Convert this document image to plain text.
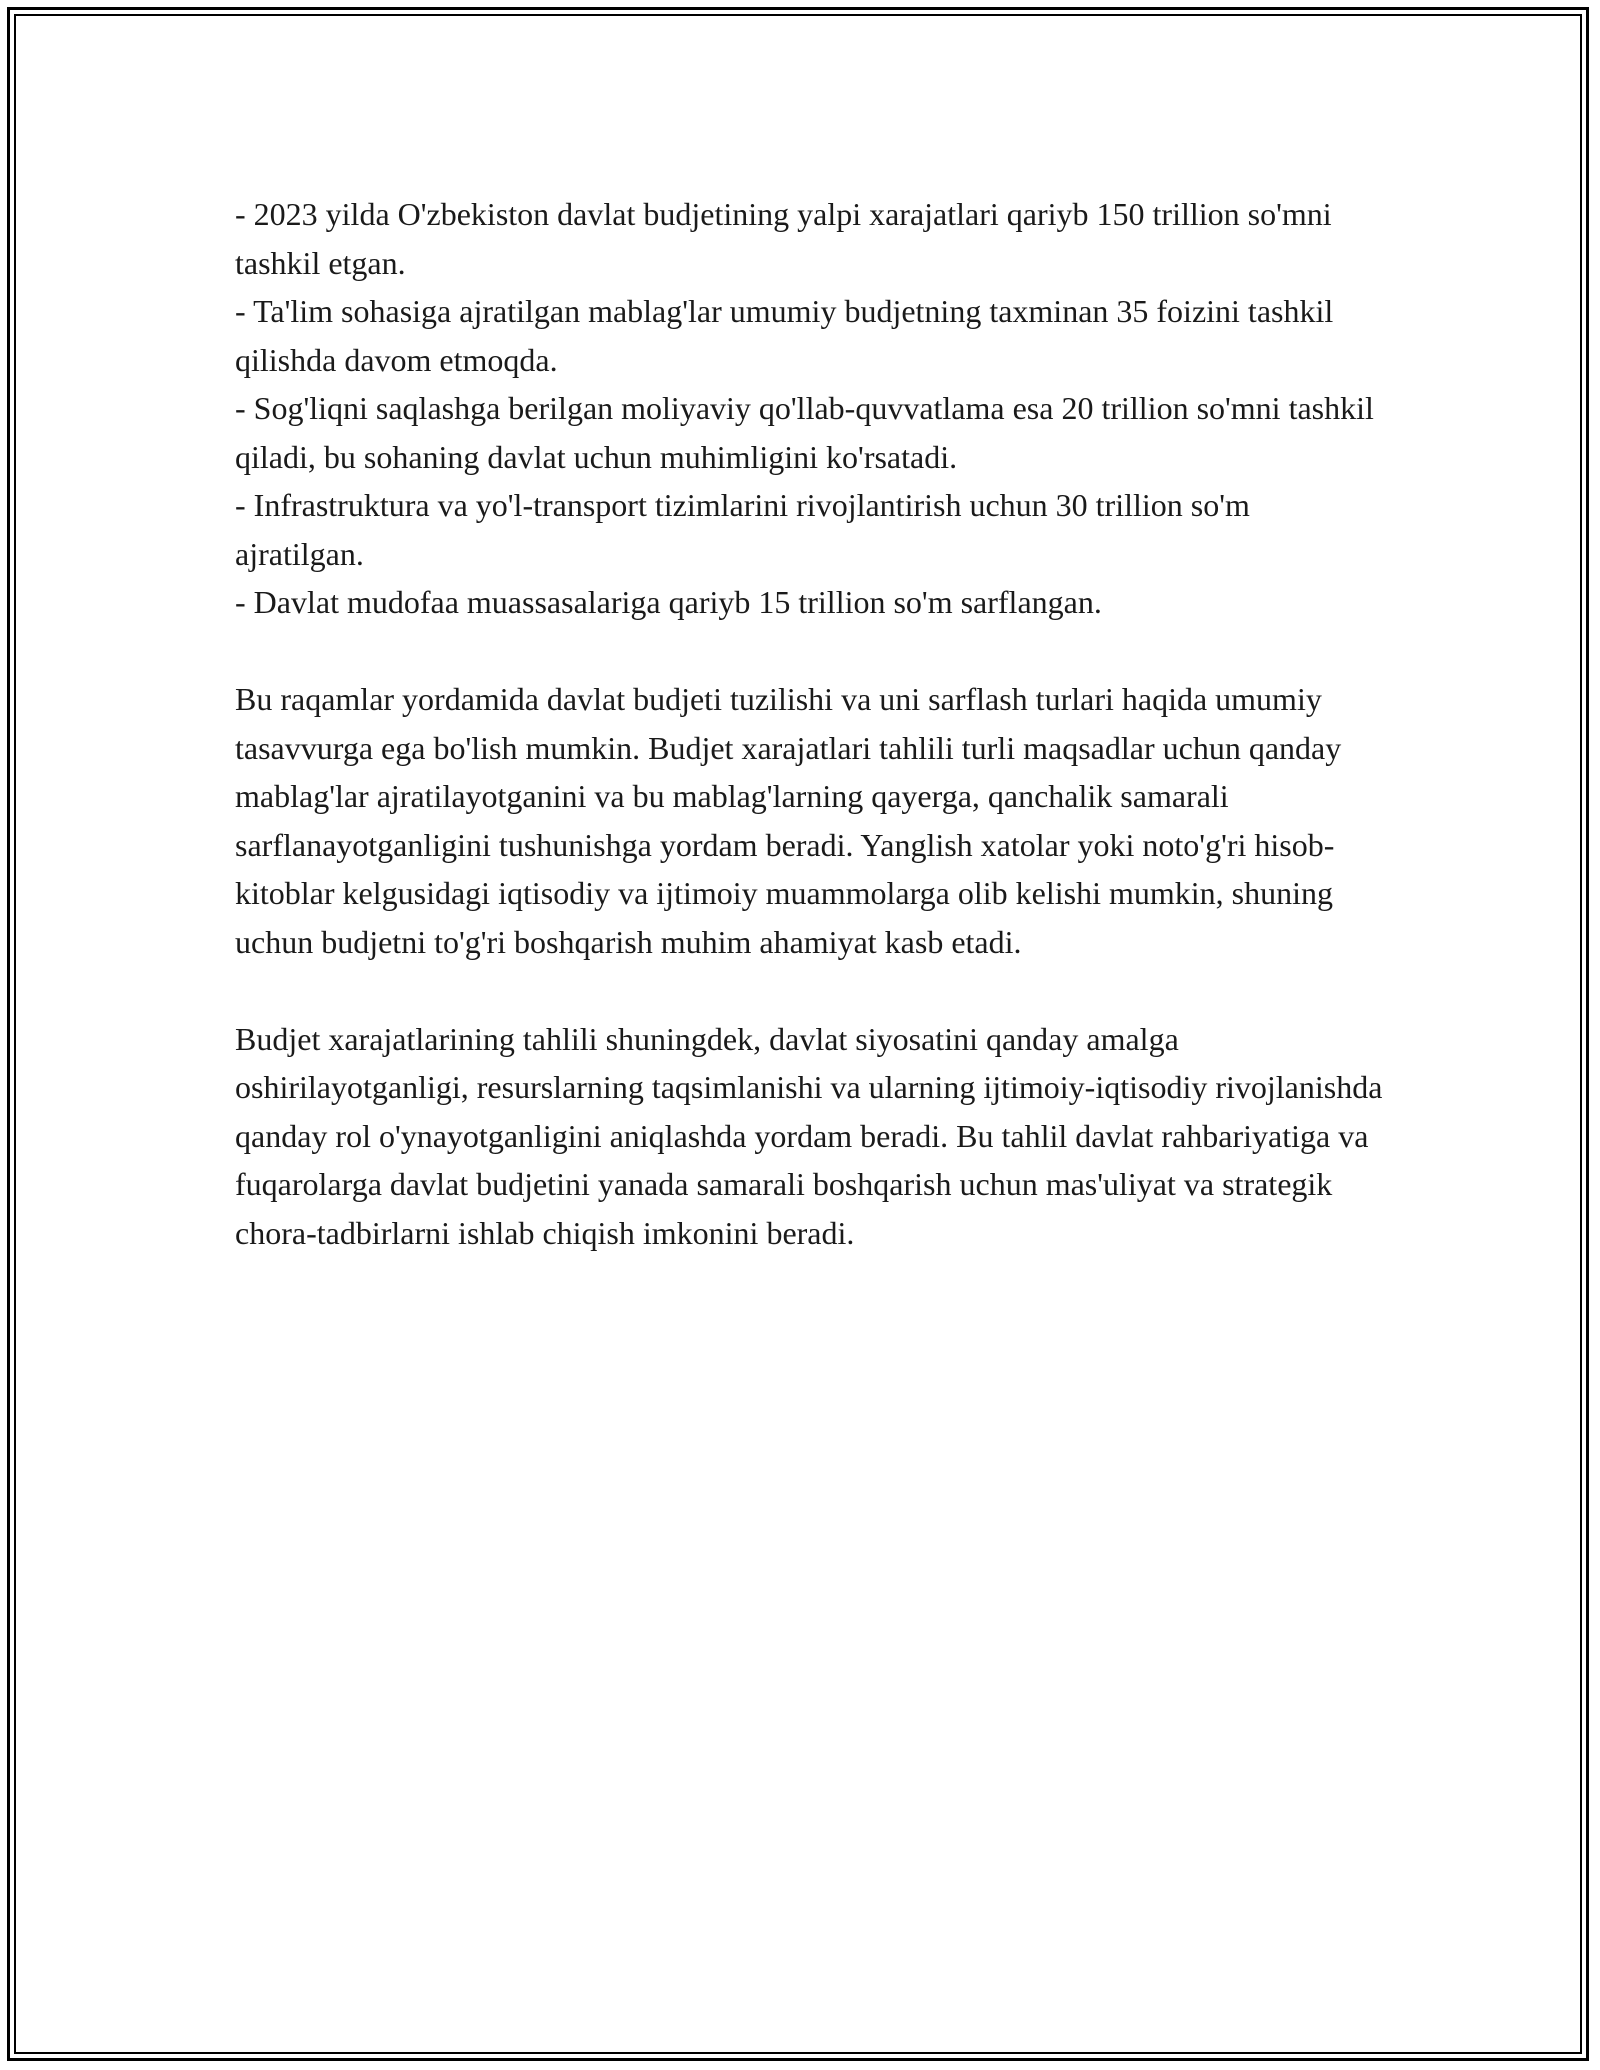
- 2023 yilda O'zbekiston davlat budjetining yalpi xarajatlari qariyb 150 trillion so'mni tashkil etgan.
- Ta'lim sohasiga ajratilgan mablag'lar umumiy budjetning taxminan 35 foizini tashkil qilishda davom etmoqda.
- Sog'liqni saqlashga berilgan moliyaviy qo'llab-quvvatlama esa 20 trillion so'mni tashkil qiladi, bu sohaning davlat uchun muhimligini ko'rsatadi.
- Infrastruktura va yo'l-transport tizimlarini rivojlantirish uchun 30 trillion so'm ajratilgan.
- Davlat mudofaa muassasalariga qariyb 15 trillion so'm sarflangan.

Bu raqamlar yordamida davlat budjeti tuzilishi va uni sarflash turlari haqida umumiy tasavvurga ega bo'lish mumkin. Budjet xarajatlari tahlili turli maqsadlar uchun qanday mablag'lar ajratilayotganini va bu mablag'larning qayerga, qanchalik samarali sarflanayotganligini tushunishga yordam beradi. Yanglish xatolar yoki noto'g'ri hisob-kitoblar kelgusidagi iqtisodiy va ijtimoiy muammolarga olib kelishi mumkin, shuning uchun budjetni to'g'ri boshqarish muhim ahamiyat kasb etadi.

Budjet xarajatlarining tahlili shuningdek, davlat siyosatini qanday amalga oshirilayotganligi, resurslarning taqsimlanishi va ularning ijtimoiy-iqtisodiy rivojlanishda qanday rol o'ynayotganligini aniqlashda yordam beradi. Bu tahlil davlat rahbariyatiga va fuqarolarga davlat budjetini yanada samarali boshqarish uchun mas'uliyat va strategik chora-tadbirlarni ishlab chiqish imkonini beradi.
